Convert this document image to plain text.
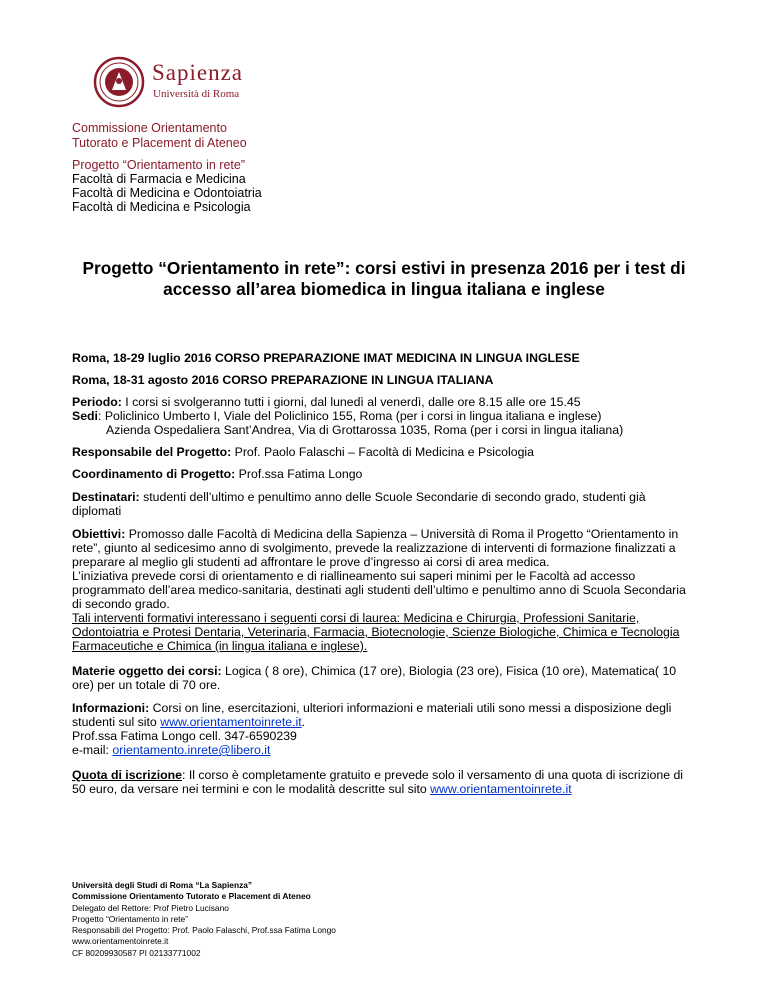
Sapienza
Università di Roma
Commissione Orientamento
Tutorato e Placement di Ateneo
Progetto “Orientamento in rete”
Facoltà di Farmacia e Medicina
Facoltà di Medicina e Odontoiatria
Facoltà di Medicina e Psicologia
Progetto “Orientamento in rete”: corsi estivi in presenza 2016 per i test di
accesso all’area biomedica in lingua italiana e inglese
Roma, 18-29 luglio 2016 CORSO PREPARAZIONE IMAT MEDICINA IN LINGUA INGLESE
Roma, 18-31 agosto 2016 CORSO PREPARAZIONE IN LINGUA ITALIANA
Periodo: I corsi si svolgeranno tutti i giorni, dal lunedì al venerdì, dalle ore 8.15 alle ore 15.45
Sedi: Policlinico Umberto I, Viale del Policlinico 155, Roma (per i corsi in lingua italiana e inglese)
Azienda Ospedaliera Sant’Andrea, Via di Grottarossa 1035, Roma (per i corsi in lingua italiana)
Responsabile del Progetto: Prof. Paolo Falaschi – Facoltà di Medicina e Psicologia
Coordinamento di Progetto: Prof.ssa Fatima Longo
Destinatari: studenti dell’ultimo e penultimo anno delle Scuole Secondarie di secondo grado, studenti già
diplomati
Obiettivi: Promosso dalle Facoltà di Medicina della Sapienza – Università di Roma il Progetto “Orientamento in
rete”, giunto al sedicesimo anno di svolgimento, prevede la realizzazione di interventi di formazione finalizzati a
preparare al meglio gli studenti ad affrontare le prove d’ingresso ai corsi di area medica.
L’iniziativa prevede corsi di orientamento e di riallineamento sui saperi minimi per le Facoltà ad accesso
programmato dell’area medico-sanitaria, destinati agli studenti dell’ultimo e penultimo anno di Scuola Secondaria
di secondo grado.
Tali interventi formativi interessano i seguenti corsi di laurea: Medicina e Chirurgia, Professioni Sanitarie,
Odontoiatria e Protesi Dentaria, Veterinaria, Farmacia, Biotecnologie, Scienze Biologiche, Chimica e Tecnologia
Farmaceutiche e Chimica (in lingua italiana e inglese).
Materie oggetto dei corsi: Logica ( 8 ore), Chimica (17 ore), Biologia (23 ore), Fisica (10 ore), Matematica( 10
ore) per un totale di 70 ore.
Informazioni: Corsi on line, esercitazioni, ulteriori informazioni e materiali utili sono messi a disposizione degli
studenti sul sito www.orientamentoinrete.it.
Prof.ssa Fatima Longo cell. 347-6590239
e-mail: orientamento.inrete@libero.it
Quota di iscrizione: Il corso è completamente gratuito e prevede solo il versamento di una quota di iscrizione di
50 euro, da versare nei termini e con le modalità descritte sul sito www.orientamentoinrete.it
Università degli Studi di Roma “La Sapienza”
Commissione Orientamento Tutorato e Placement di Ateneo
Delegato del Rettore: Prof Pietro Lucisano
Progetto “Orientamento in rete”
Responsabili del Progetto: Prof. Paolo Falaschi, Prof.ssa Fatima Longo
www.orientamentoinrete.it
CF 80209930587 PI 02133771002
